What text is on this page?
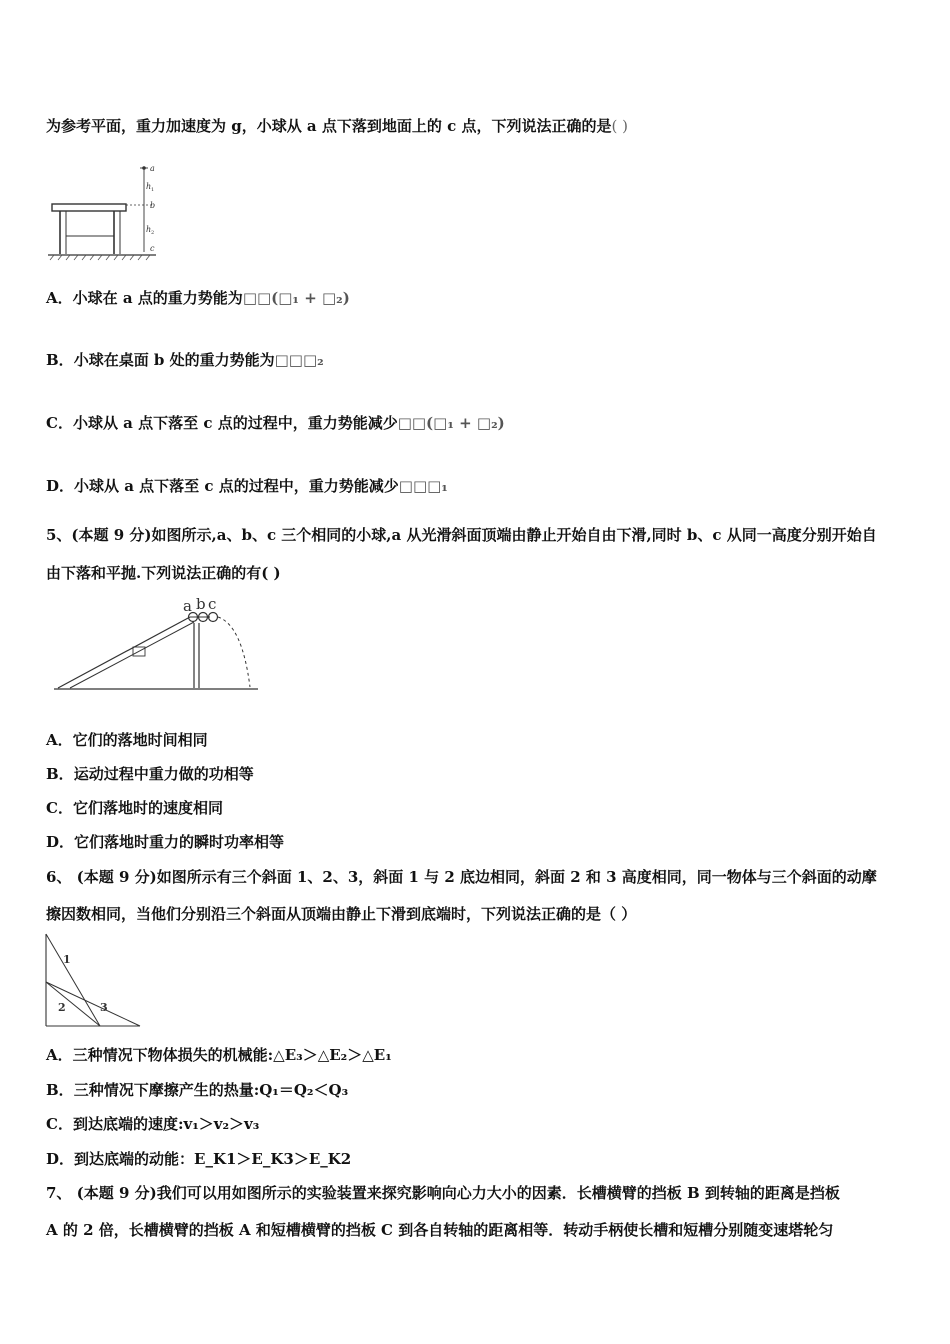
为参考平面，重力加速度为 g，小球从 a 点下落到地面上的 c 点，下列说法正确的是( )
a
h 1
b
h 2
c
A．小球在 a 点的重力势能为□□(□₁ + □₂)
B．小球在桌面 b 处的重力势能为□□□₂
C．小球从 a 点下落至 c 点的过程中，重力势能减少□□(□₁ + □₂)
D．小球从 a 点下落至 c 点的过程中，重力势能减少□□□₁
5、(本题 9 分)如图所示,a、b、c 三个相同的小球,a 从光滑斜面顶端由静止开始自由下滑,同时 b、c 从同一高度分别开始自
由下落和平抛.下列说法正确的有( )
a b c
A．它们的落地时间相同
B．运动过程中重力做的功相等
C．它们落地时的速度相同
D．它们落地时重力的瞬时功率相等
6、 (本题 9 分)如图所示有三个斜面 1、2、3，斜面 1 与 2 底边相同，斜面 2 和 3 高度相同，同一物体与三个斜面的动摩
擦因数相同，当他们分别沿三个斜面从顶端由静止下滑到底端时，下列说法正确的是（ ）
1
2	3
A．三种情况下物体损失的机械能:△E₃＞△E₂＞△E₁
B．三种情况下摩擦产生的热量:Q₁＝Q₂＜Q₃
C．到达底端的速度:v₁＞v₂＞v₃
D．到达底端的动能：E_K1＞E_K3＞E_K2
7、 (本题 9 分)我们可以用如图所示的实验装置来探究影响向心力大小的因素．长槽横臂的挡板 B 到转轴的距离是挡板
A 的 2 倍，长槽横臂的挡板 A 和短槽横臂的挡板 C 到各自转轴的距离相等．转动手柄使长槽和短槽分别随变速塔轮匀
